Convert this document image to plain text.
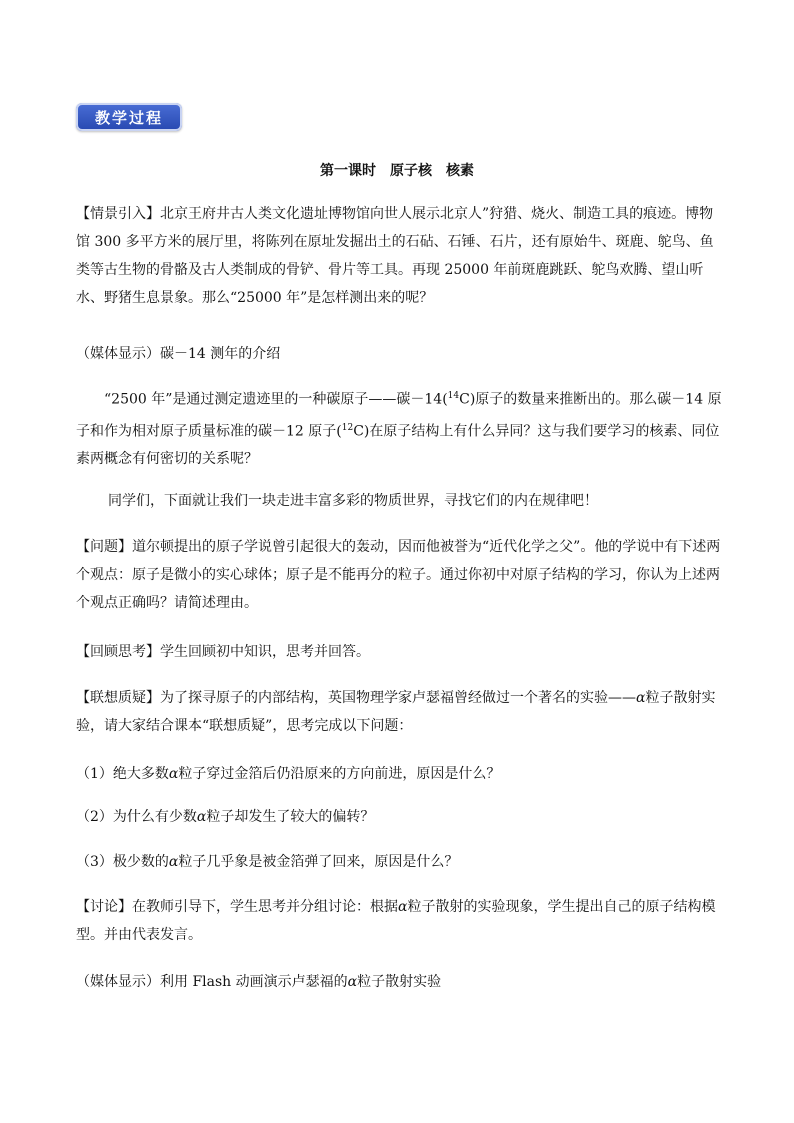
教学过程
第一课时　原子核　核素

【情景引入】北京王府井古人类文化遗址博物馆向世人展示北京人”狩猎、烧火、制造工具的痕迹。博物馆 300 多平方米的展厅里，将陈列在原址发掘出土的石砧、石锤、石片，还有原始牛、斑鹿、鸵鸟、鱼类等古生物的骨骼及古人类制成的骨铲、骨片等工具。再现 25000 年前斑鹿跳跃、鸵鸟欢腾、望山听水、野猪生息景象。那么“25000 年”是怎样测出来的呢？

（媒体显示）碳－14 测年的介绍

“2500 年”是通过测定遗迹里的一种碳原子——碳－14($^{14}$C)原子的数量来推断出的。那么碳－14 原子和作为相对原子质量标准的碳－12 原子($^{12}$C)在原子结构上有什么异同？这与我们要学习的核素、同位素两概念有何密切的关系呢？

同学们，下面就让我们一块走进丰富多彩的物质世界，寻找它们的内在规律吧！

【问题】道尔顿提出的原子学说曾引起很大的轰动，因而他被誉为“近代化学之父”。他的学说中有下述两个观点：原子是微小的实心球体；原子是不能再分的粒子。通过你初中对原子结构的学习，你认为上述两个观点正确吗？请简述理由。

【回顾思考】学生回顾初中知识，思考并回答。

【联想质疑】为了探寻原子的内部结构，英国物理学家卢瑟福曾经做过一个著名的实验——α粒子散射实验，请大家结合课本“联想质疑”，思考完成以下问题：

（1）绝大多数α粒子穿过金箔后仍沿原来的方向前进，原因是什么？

（2）为什么有少数α粒子却发生了较大的偏转？

（3）极少数的α粒子几乎象是被金箔弹了回来，原因是什么？

【讨论】在教师引导下，学生思考并分组讨论：根据α粒子散射的实验现象，学生提出自己的原子结构模型。并由代表发言。

（媒体显示）利用 Flash 动画演示卢瑟福的α粒子散射实验
